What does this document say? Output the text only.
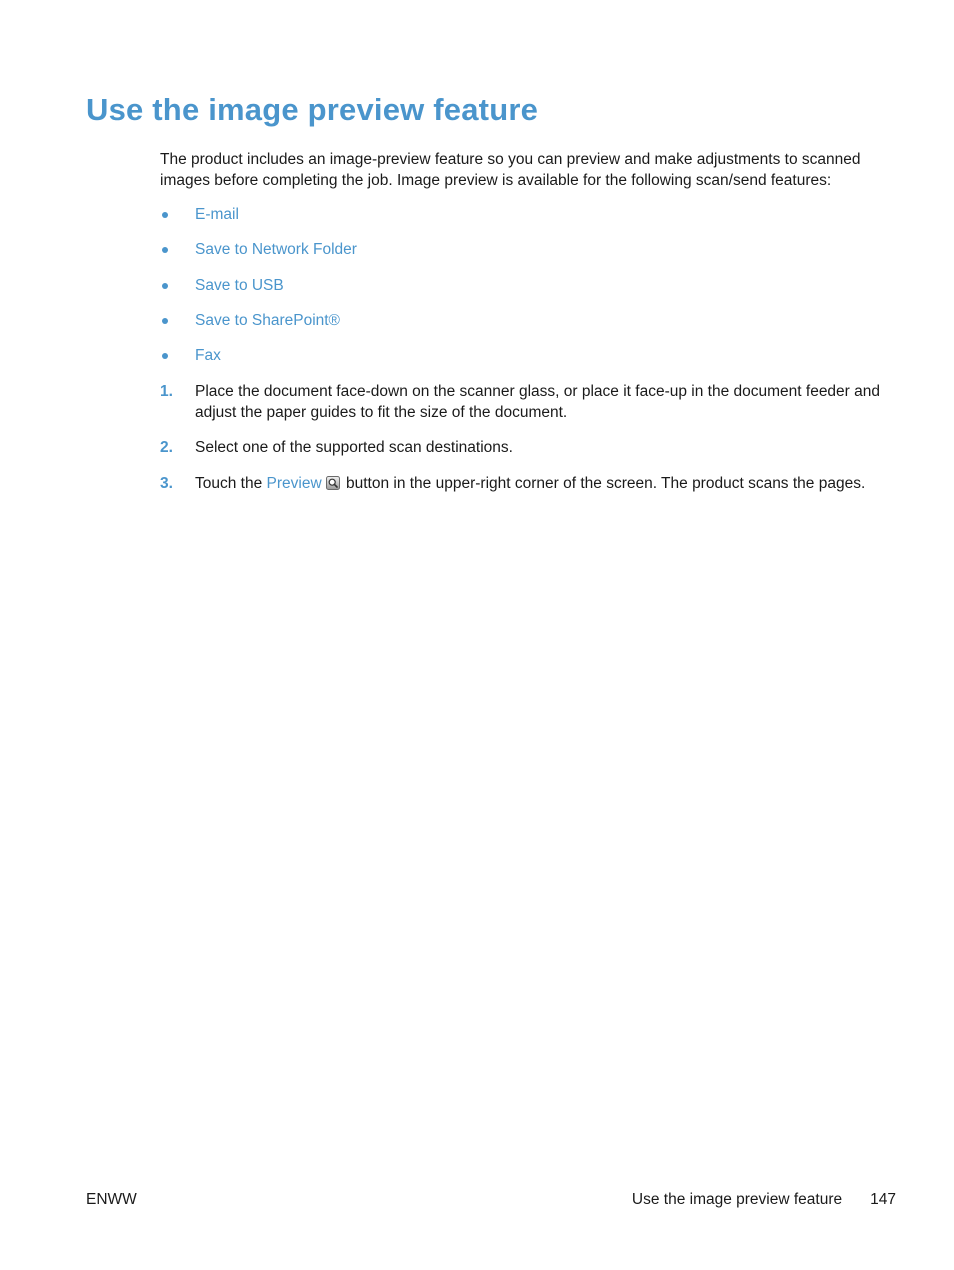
Use the image preview feature

The product includes an image-preview feature so you can preview and make adjustments to scanned images before completing the job. Image preview is available for the following scan/send features:

E-mail
Save to Network Folder
Save to USB
Save to SharePoint®
Fax
1. Place the document face-down on the scanner glass, or place it face-up in the document feeder and adjust the paper guides to fit the size of the document.
2. Select one of the supported scan destinations.
3. Touch the Preview button in the upper-right corner of the screen. The product scans the pages.
ENWW	Use the image preview feature 147
